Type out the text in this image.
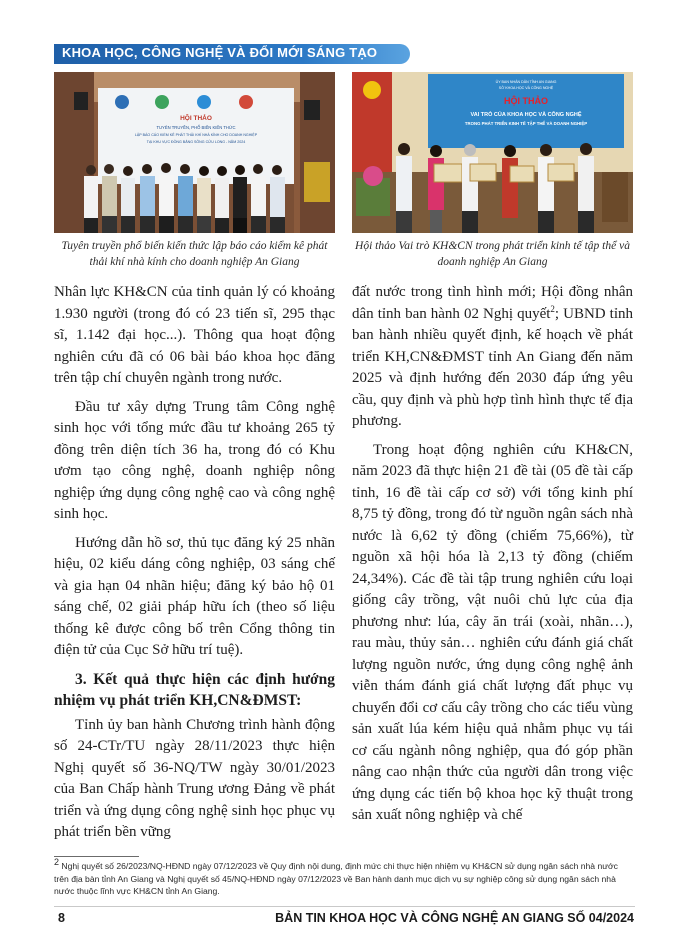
KHOA HỌC, CÔNG NGHỆ VÀ ĐỔI MỚI SÁNG TẠO
HỘI THẢO
TUYÊN TRUYỀN, PHỔ BIẾN KIẾN THỨC
LẬP BÁO CÁO KIỂM KÊ PHÁT THẢI KHÍ NHÀ KÍNH CHO DOANH NGHIỆP
TẠI KHU VỰC ĐỒNG BẰNG SÔNG CỬU LONG - NĂM 2024
ỦY BAN NHÂN DÂN TỈNH AN GIANG
SỞ KHOA HỌC VÀ CÔNG NGHỆ
HỘI THẢO
VAI TRÒ CỦA KHOA HỌC VÀ CÔNG NGHỆ
TRONG PHÁT TRIỂN KINH TẾ TẬP THỂ VÀ DOANH NGHIỆP
Tuyên truyền phổ biến kiến thức lập báo cáo kiểm kê phát thải khí nhà kính cho doanh nghiệp An Giang
Hội thảo Vai trò KH&CN trong phát triển kinh tế tập thể và doanh nghiệp An Giang

Nhân lực KH&CN của tỉnh quản lý có khoảng 1.930 người (trong đó có 23 tiến sĩ, 295 thạc sĩ, 1.142 đại học...). Thông qua hoạt động nghiên cứu đã có 06 bài báo khoa học đăng trên tập chí chuyên ngành trong nước.

Đầu tư xây dựng Trung tâm Công nghệ sinh học với tổng mức đầu tư khoảng 265 tỷ đồng trên diện tích 36 ha, trong đó có Khu ươm tạo công nghệ, doanh nghiệp nông nghiệp ứng dụng công nghệ cao và công nghệ sinh học.

Hướng dẫn hồ sơ, thủ tục đăng ký 25 nhãn hiệu, 02 kiểu dáng công nghiệp, 03 sáng chế và gia hạn 04 nhãn hiệu; đăng ký bảo hộ 01 sáng chế, 02 giải pháp hữu ích (theo số liệu thống kê được công bố trên Cổng thông tin điện tử của Cục Sở hữu trí tuệ).

3. Kết quả thực hiện các định hướng nhiệm vụ phát triển KH,CN&ĐMST:

Tỉnh ủy ban hành Chương trình hành động số 24-CTr/TU ngày 28/11/2023 thực hiện Nghị quyết số 36-NQ/TW ngày 30/01/2023 của Ban Chấp hành Trung ương Đảng về phát triển và ứng dụng công nghệ sinh học phục vụ phát triển bền vững

đất nước trong tình hình mới; Hội đồng nhân dân tỉnh ban hành 02 Nghị quyết$^2$; UBND tỉnh ban hành nhiều quyết định, kế hoạch về phát triển KH,CN&ĐMST tỉnh An Giang đến năm 2025 và định hướng đến 2030 đáp ứng yêu cầu, quy định và phù hợp tình hình thực tế địa phương.

Trong hoạt động nghiên cứu KH&CN, năm 2023 đã thực hiện 21 đề tài (05 đề tài cấp tỉnh, 16 đề tài cấp cơ sở) với tổng kinh phí 8,75 tỷ đồng, trong đó từ nguồn ngân sách nhà nước là 6,62 tỷ đồng (chiếm 75,66%), từ nguồn xã hội hóa là 2,13 tỷ đồng (chiếm 24,34%). Các đề tài tập trung nghiên cứu loại giống cây trồng, vật nuôi chủ lực của địa phương như: lúa, cây ăn trái (xoài, nhãn…), rau màu, thủy sản… nghiên cứu đánh giá chất lượng nguồn nước, ứng dụng công nghệ ảnh viễn thám đánh giá chất lượng đất phục vụ chuyển đổi cơ cấu cây trồng cho các tiểu vùng sản xuất lúa kém hiệu quả nhằm phục vụ tái cơ cấu ngành nông nghiệp, qua đó góp phần nâng cao nhận thức của người dân trong việc ứng dụng các tiến bộ khoa học kỹ thuật trong sản xuất nông nghiệp và chế

$^2$ Nghị quyết số 26/2023/NQ-HĐND ngày 07/12/2023 về Quy định nội dung, định mức chi thực hiện nhiệm vụ KH&CN sử dụng ngân sách nhà nước trên địa bàn tỉnh An Giang và Nghị quyết số 45/NQ-HĐND ngày 07/12/2023 về Ban hành danh mục dịch vụ sự nghiệp công sử dụng ngân sách nhà nước thuộc lĩnh vực KH&CN tỉnh An Giang.
8	BẢN TIN KHOA HỌC VÀ CÔNG NGHỆ AN GIANG SỐ 04/2024
